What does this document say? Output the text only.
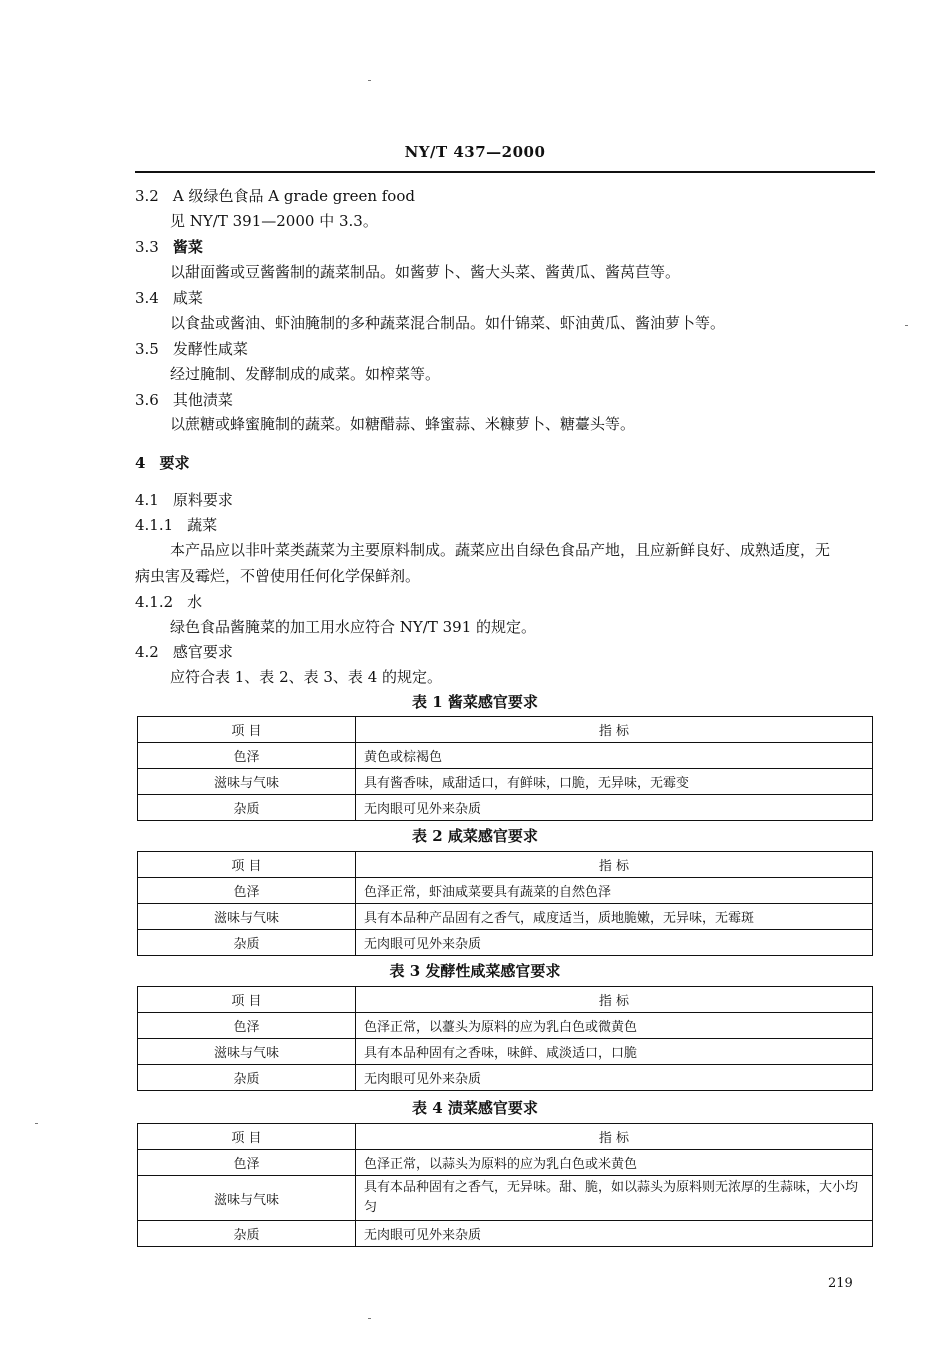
NY/T 437—2000
3.2 A 级绿色食品 A grade green food
见 NY/T 391—2000 中 3.3。
3.3 酱菜
以甜面酱或豆酱酱制的蔬菜制品。如酱萝卜、酱大头菜、酱黄瓜、酱莴苣等。
3.4 咸菜
以食盐或酱油、虾油腌制的多种蔬菜混合制品。如什锦菜、虾油黄瓜、酱油萝卜等。
3.5 发酵性咸菜
经过腌制、发酵制成的咸菜。如榨菜等。
3.6 其他渍菜
以蔗糖或蜂蜜腌制的蔬菜。如糖醋蒜、蜂蜜蒜、米糠萝卜、糖薹头等。
4 要求
4.1 原料要求
4.1.1 蔬菜
本产品应以非叶菜类蔬菜为主要原料制成。蔬菜应出自绿色食品产地，且应新鲜良好、成熟适度，无
病虫害及霉烂，不曾使用任何化学保鲜剂。
4.1.2 水
绿色食品酱腌菜的加工用水应符合 NY/T 391 的规定。
4.2 感官要求
应符合表 1、表 2、表 3、表 4 的规定。
表 1 酱菜感官要求
项 目	指 标
色泽	黄色或棕褐色
滋味与气味	具有酱香味，咸甜适口，有鲜味，口脆，无异味，无霉变
杂质	无肉眼可见外来杂质
表 2 咸菜感官要求
项 目	指 标
色泽	色泽正常，虾油咸菜要具有蔬菜的自然色泽
滋味与气味	具有本品种产品固有之香气，咸度适当，质地脆嫩，无异味，无霉斑
杂质	无肉眼可见外来杂质
表 3 发酵性咸菜感官要求
项 目	指 标
色泽	色泽正常，以薹头为原料的应为乳白色或微黄色
滋味与气味	具有本品种固有之香味，味鲜、咸淡适口，口脆
杂质	无肉眼可见外来杂质
表 4 渍菜感官要求
项 目	指 标
色泽	色泽正常，以蒜头为原料的应为乳白色或米黄色
滋味与气味	具有本品种固有之香气，无异味。甜、脆，如以蒜头为原料则无浓厚的生蒜味，大小均匀
杂质	无肉眼可见外来杂质
219
